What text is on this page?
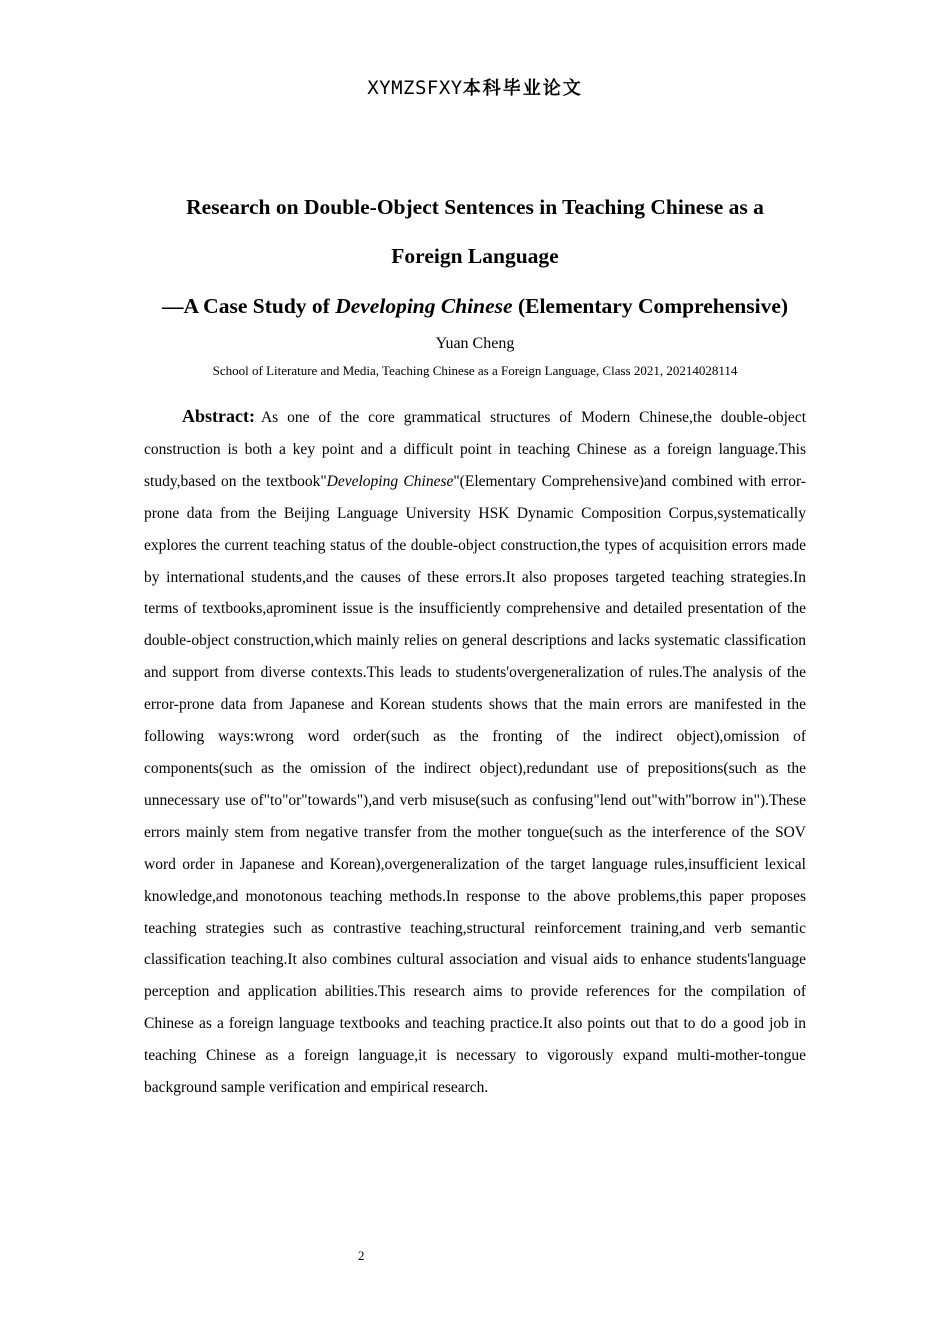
XYMZSFXY本科毕业论文
Research on Double-Object Sentences in Teaching Chinese as a
Foreign Language
—A Case Study of Developing Chinese (Elementary Comprehensive)
Yuan Cheng
School of Literature and Media, Teaching Chinese as a Foreign Language, Class 2021, 20214028114

Abstract: As one of the core grammatical structures of Modern Chinese,the double-object construction is both a key point and a difficult point in teaching Chinese as a foreign language.This study,based on the textbook"Developing Chinese"(Elementary Comprehensive)and combined with error-prone data from the Beijing Language University HSK Dynamic Composition Corpus,systematically explores the current teaching status of the double-object construction,the types of acquisition errors made by international students,and the causes of these errors.It also proposes targeted teaching strategies.In terms of textbooks,aprominent issue is the insufficiently comprehensive and detailed presentation of the double-object construction,which mainly relies on general descriptions and lacks systematic classification and support from diverse contexts.This leads to students'overgeneralization of rules.The analysis of the error-prone data from Japanese and Korean students shows that the main errors are manifested in the following ways:wrong word order(such as the fronting of the indirect object),omission of components(such as the omission of the indirect object),redundant use of prepositions(such as the unnecessary use of"to"or"towards"),and verb misuse(such as confusing"lend out"with"borrow in").These errors mainly stem from negative transfer from the mother tongue(such as the interference of the SOV word order in Japanese and Korean),overgeneralization of the target language rules,insufficient lexical knowledge,and monotonous teaching methods.In response to the above problems,this paper proposes teaching strategies such as contrastive teaching,structural reinforcement training,and verb semantic classification teaching.It also combines cultural association and visual aids to enhance students'language perception and application abilities.This research aims to provide references for the compilation of Chinese as a foreign language textbooks and teaching practice.It also points out that to do a good job in teaching Chinese as a foreign language,it is necessary to vigorously expand multi-mother-tongue background sample verification and empirical research.

2
